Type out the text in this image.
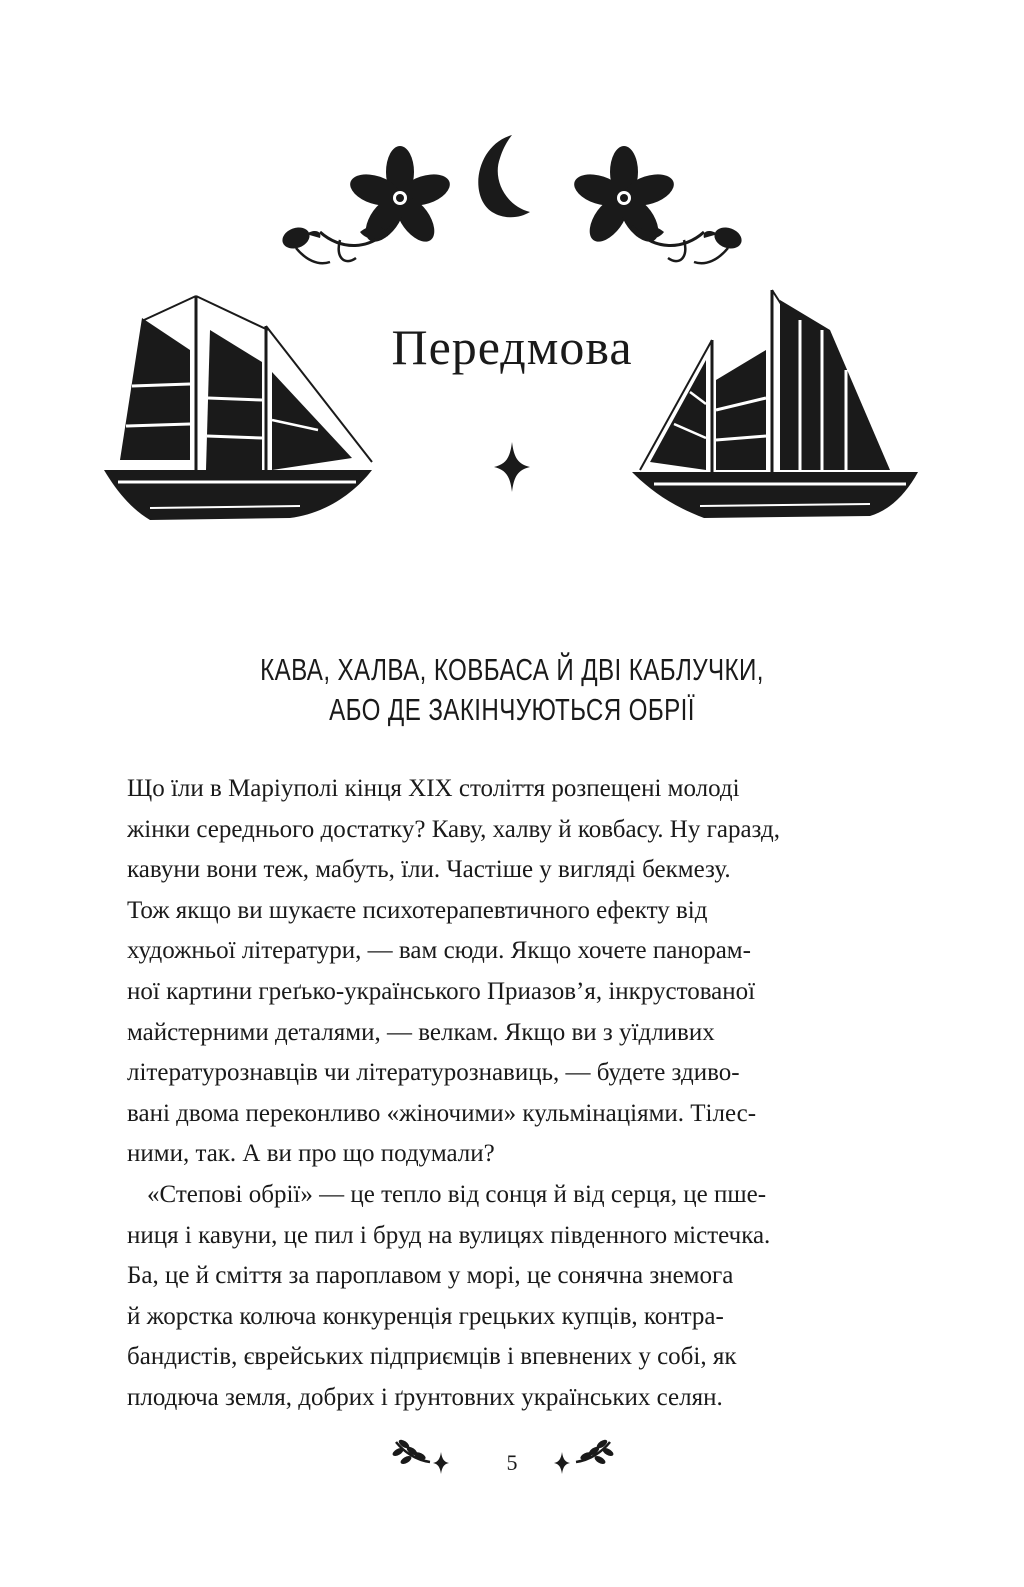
Передмова
КАВА, ХАЛВА, КОВБАСА Й ДВІ КАБЛУЧКИ,
АБО ДЕ ЗАКІНЧУЮТЬСЯ ОБРІЇ
Що їли в Маріуполі кінця XIX століття розпещені молоді
жінки середнього достатку? Каву, халву й ковбасу. Ну гаразд,
кавуни вони теж, мабуть, їли. Частіше у вигляді бекмезу.
Тож якщо ви шукаєте психотерапевтичного ефекту від
художньої літератури, — вам сюди. Якщо хочете панорам-
ної картини греґько-українського Приазов’я, інкрустованої
майстерними деталями, — велкам. Якщо ви з уїдливих
літературознавців чи літературознавиць, — будете здиво-
вані двома переконливо «жіночими» кульмінаціями. Тілес-
ними, так. А ви про що подумали?
«Степові обрії» — це тепло від сонця й від серця, це пше-
ниця і кавуни, це пил і бруд на вулицях південного містечка.
Ба, це й сміття за пароплавом у морі, це сонячна знемога
й жорстка колюча конкуренція грецьких купців, контра-
бандистів, єврейських підприємців і впевнених у собі, як
плодюча земля, добрих і ґрунтовних українських селян.
5
